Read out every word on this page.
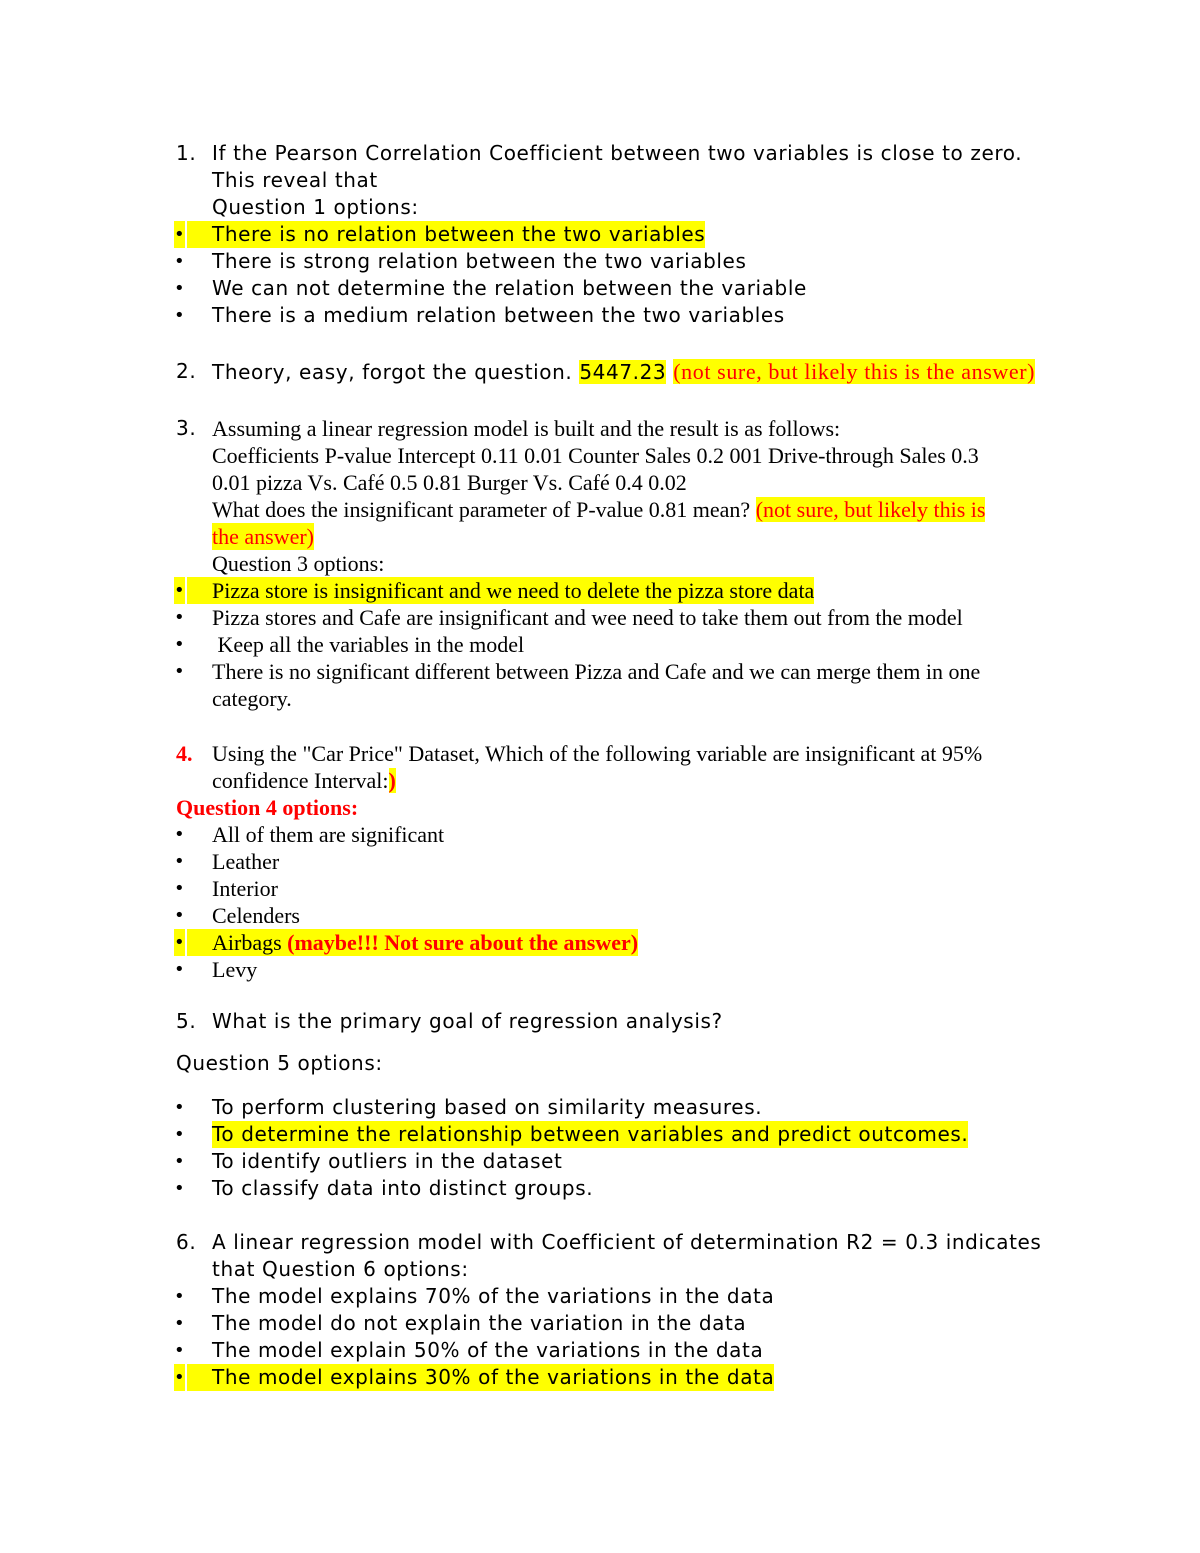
1. If the Pearson Correlation Coefficient between two variables is close to zero.
This reveal that
Question 1 options:
•	There is no relation between the two variables
• There is strong relation between the two variables
• We can not determine the relation between the variable
• There is a medium relation between the two variables
2. Theory, easy, forgot the question. 5447.23 (not sure, but likely this is the answer)
3. Assuming a linear regression model is built and the result is as follows:
Coefficients P-value Intercept 0.11 0.01 Counter Sales 0.2 001 Drive-through Sales 0.3
0.01 pizza Vs. Café 0.5 0.81 Burger Vs. Café 0.4 0.02
What does the insignificant parameter of P-value 0.81 mean? (not sure, but likely this is
the answer)
Question 3 options:
•	Pizza store is insignificant and we need to delete the pizza store data
• Pizza stores and Cafe are insignificant and wee need to take them out from the model
• Keep all the variables in the model
• There is no significant different between Pizza and Cafe and we can merge them in one
category.
4. Using the "Car Price" Dataset, Which of the following variable are insignificant at 95%
confidence Interval:)
Question 4 options:
• All of them are significant
• Leather
• Interior
• Celenders
•	Airbags (maybe!!! Not sure about the answer)
• Levy
5. What is the primary goal of regression analysis?
Question 5 options:
• To perform clustering based on similarity measures.
• To determine the relationship between variables and predict outcomes.
• To identify outliers in the dataset
• To classify data into distinct groups.
6. A linear regression model with Coefficient of determination R2 = 0.3 indicates
that Question 6 options:
• The model explains 70% of the variations in the data
• The model do not explain the variation in the data
• The model explain 50% of the variations in the data
•	The model explains 30% of the variations in the data
